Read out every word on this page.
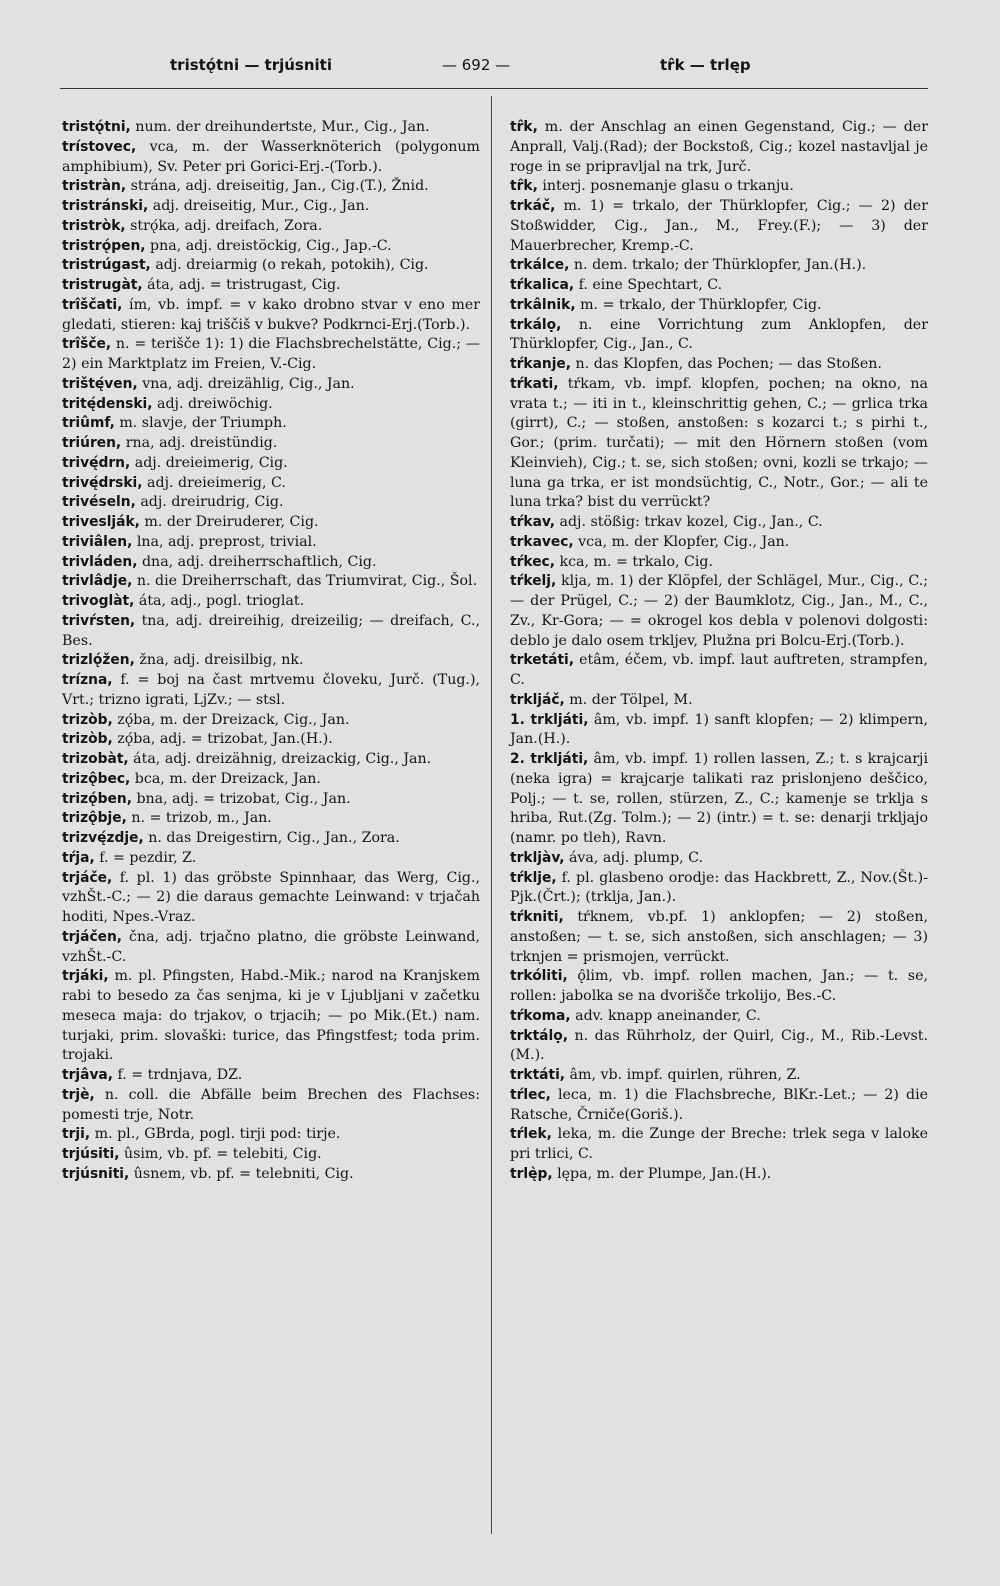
tristǫ́tni — trjúsniti	— 692 —	tr̂k — trlęp

tristǫ́tni, num. der dreihundertste, Mur., Cig., Jan.

trístovec, vca, m. der Wasserknöterich (polygonum amphibium), Sv. Peter pri Gorici-Erj.-(Torb.).

tristràn, strána, adj. dreiseitig, Jan., Cig.(T.), Žnid.

tristránski, adj. dreiseitig, Mur., Cig., Jan.

tristròk, strǫ́ka, adj. dreifach, Zora.

tristrǫ́pen, pna, adj. dreistöckig, Cig., Jap.-C.

tristrúgast, adj. dreiarmig (o rekah, potokih), Cig.

tristrugàt, áta, adj. = tristrugast, Cig.

trîščati, ím, vb. impf. = v kako drobno stvar v eno mer gledati, stieren: kaj triščiš v bukve? Podkrnci-Erj.(Torb.).

trîšče, n. = terišče 1): 1) die Flachsbrechelstätte, Cig.; — 2) ein Marktplatz im Freien, V.-Cig.

trištę́ven, vna, adj. dreizählig, Cig., Jan.

tritę́denski, adj. dreiwöchig.

triûmf, m. slavje, der Triumph.

triúren, rna, adj. dreistündig.

trivę́drn, adj. dreieimerig, Cig.

trivę́drski, adj. dreieimerig, C.

trivéseln, adj. dreirudrig, Cig.

triveslják, m. der Dreiruderer, Cig.

triviâlen, lna, adj. preprost, trivial.

trivláden, dna, adj. dreiherrschaftlich, Cig.

trivlâdje, n. die Dreiherrschaft, das Triumvirat, Cig., Šol.

trivoglàt, áta, adj., pogl. trioglat.

trivŕsten, tna, adj. dreireihig, dreizeilig; — dreifach, C., Bes.

trizlǫ́žen, žna, adj. dreisilbig, nk.

trízna, f. = boj na čast mrtvemu človeku, Jurč. (Tug.), Vrt.; trizno igrati, LjZv.; — stsl.

trizòb, zǫ́ba, m. der Dreizack, Cig., Jan.

trizòb, zǫ́ba, adj. = trizobat, Jan.(H.).

trizobàt, áta, adj. dreizähnig, dreizackig, Cig., Jan.

trizǫ̂bec, bca, m. der Dreizack, Jan.

trizǫ́ben, bna, adj. = trizobat, Cig., Jan.

trizǫ̂bje, n. = trizob, m., Jan.

trizvę́zdje, n. das Dreigestirn, Cig., Jan., Zora.

tŕja, f. = pezdir, Z.

trjáče, f. pl. 1) das gröbste Spinnhaar, das Werg, Cig., vzhŠt.-C.; — 2) die daraus gemachte Leinwand: v trjačah hoditi, Npes.-Vraz.

trjáčen, čna, adj. trjačno platno, die gröbste Leinwand, vzhŠt.-C.

trjáki, m. pl. Pfingsten, Habd.-Mik.; narod na Kranjskem rabi to besedo za čas senjma, ki je v Ljubljani v začetku meseca maja: do trjakov, o trjacih; — po Mik.(Et.) nam. turjaki, prim. slovaški: turice, das Pfingstfest; toda prim. trojaki.

trjâva, f. = trdnjava, DZ.

trjè, n. coll. die Abfälle beim Brechen des Flachses: pomesti trje, Notr.

trji, m. pl., GBrda, pogl. tirji pod: tirje.

trjúsiti, ûsim, vb. pf. = telebiti, Cig.

trjúsniti, ûsnem, vb. pf. = telebniti, Cig.

tr̂k, m. der Anschlag an einen Gegenstand, Cig.; — der Anprall, Valj.(Rad); der Bockstoß, Cig.; kozel nastavljal je roge in se pripravljal na trk, Jurč.

tr̂k, interj. posnemanje glasu o trkanju.

trkáč, m. 1) = trkalo, der Thürklopfer, Cig.; — 2) der Stoßwidder, Cig., Jan., M., Frey.(F.); — 3) der Mauerbrecher, Kremp.-C.

trkálce, n. dem. trkalo; der Thürklopfer, Jan.(H.).

tŕkalica, f. eine Spechtart, C.

trkâlnik, m. = trkalo, der Thürklopfer, Cig.

trkálọ, n. eine Vorrichtung zum Anklopfen, der Thürklopfer, Cig., Jan., C.

tŕkanje, n. das Klopfen, das Pochen; — das Stoßen.

tŕkati, tŕkam, vb. impf. klopfen, pochen; na okno, na vrata t.; — iti in t., kleinschrittig gehen, C.; — grlica trka (girrt), C.; — stoßen, anstoßen: s kozarci t.; s pirhi t., Gor.; (prim. turčati); — mit den Hörnern stoßen (vom Kleinvieh), Cig.; t. se, sich stoßen; ovni, kozli se trkajo; — luna ga trka, er ist mondsüchtig, C., Notr., Gor.; — ali te luna trka? bist du verrückt?

tŕkav, adj. stößig: trkav kozel, Cig., Jan., C.

trkavec, vca, m. der Klopfer, Cig., Jan.

tŕkec, kca, m. = trkalo, Cig.

tŕkelj, klja, m. 1) der Klöpfel, der Schlägel, Mur., Cig., C.; — der Prügel, C.; — 2) der Baumklotz, Cig., Jan., M., C., Zv., Kr-Gora; — = okrogel kos debla v polenovi dolgosti: deblo je dalo osem trkljev, Plužna pri Bolcu-Erj.(Torb.).

trketáti, etâm, éčem, vb. impf. laut auftreten, strampfen, C.

trklјáč, m. der Tölpel, M.

1. trkljáti, âm, vb. impf. 1) sanft klopfen; — 2) klimpern, Jan.(H.).

2. trkljáti, âm, vb. impf. 1) rollen lassen, Z.; t. s krajcarji (neka igra) = krajcarje talikati raz prislonjeno deščico, Polj.; — t. se, rollen, stürzen, Z., C.; kamenje se trklja s hriba, Rut.(Zg. Tolm.); — 2) (intr.) = t. se: denarji trkljajo (namr. po tleh), Ravn.

trkljàv, áva, adj. plump, C.

tŕklje, f. pl. glasbeno orodje: das Hackbrett, Z., Nov.(Št.)-Pjk.(Črt.); (trklja, Jan.).

tŕkniti, tŕknem, vb.pf. 1) anklopfen; — 2) stoßen, anstoßen; — t. se, sich anstoßen, sich anschlagen; — 3) trknjen = prismojen, verrückt.

trkóliti, ǫ̂lim, vb. impf. rollen machen, Jan.; — t. se, rollen: jabolka se na dvorišče trkolijo, Bes.-C.

tŕkoma, adv. knapp aneinander, C.

trktálọ, n. das Rührholz, der Quirl, Cig., M., Rib.-Levst.(M.).

trktáti, âm, vb. impf. quirlen, rühren, Z.

tŕlec, leca, m. 1) die Flachsbreche, BlKr.-Let.; — 2) die Ratsche, Črniče(Goriš.).

tŕlek, leka, m. die Zunge der Breche: trlek sega v laloke pri trlici, C.

trlę̀p, lępa, m. der Plumpe, Jan.(H.).
